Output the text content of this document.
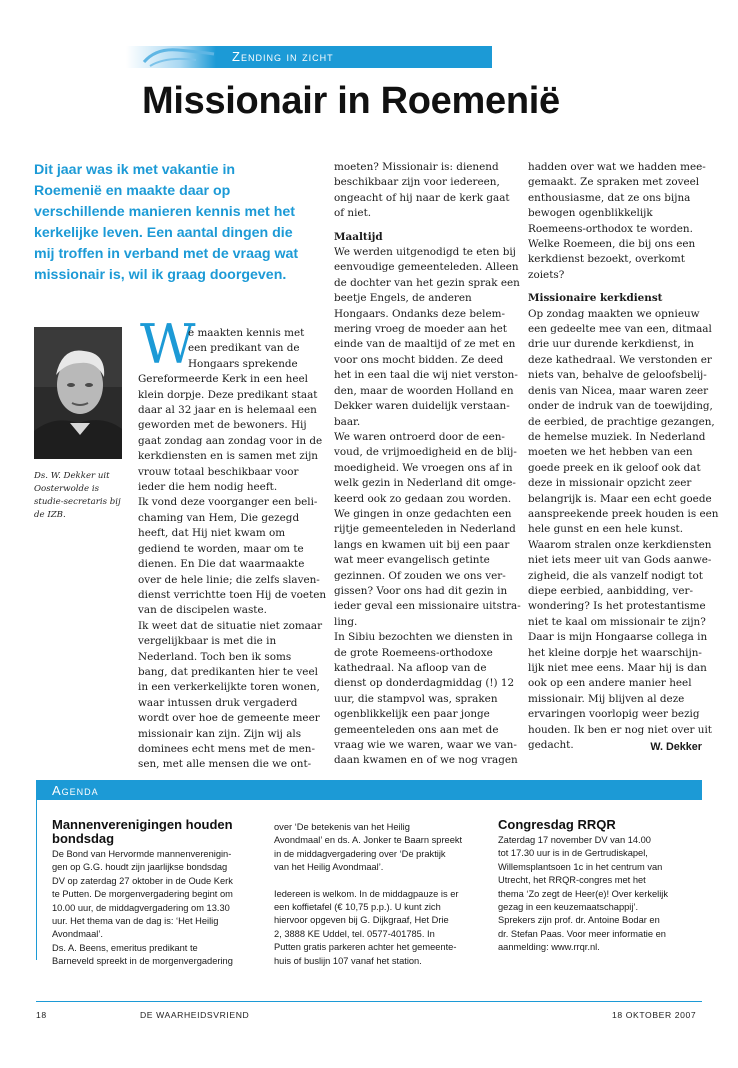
Zending in zicht
Missionair in Roemenië
Dit jaar was ik met vakantie in Roemenië en maakte daar op verschillende manieren kennis met het kerkelijke leven. Een aantal dingen die mij troffen in verband met de vraag wat missionair is, wil ik graag doorgeven.
Ds. W. Dekker uit Oosterwolde is studie-secretaris bij de IZB.
W

e maakten kennis met

een predikant van de

Hongaars sprekende

Gereformeerde Kerk in een heel

klein dorpje. Deze predikant staat

daar al 32 jaar en is helemaal een

geworden met de bewoners. Hij

gaat zondag aan zondag voor in de

kerkdiensten en is samen met zijn

vrouw totaal beschikbaar voor

ieder die hem nodig heeft.

Ik vond deze voorganger een beli-

chaming van Hem, Die gezegd

heeft, dat Hij niet kwam om

gediend te worden, maar om te

dienen. En Die dat waarmaakte

over de hele linie; die zelfs slaven-

dienst verrichtte toen Hij de voeten

van de discipelen waste.

Ik weet dat de situatie niet zomaar

vergelijkbaar is met die in

Nederland. Toch ben ik soms

bang, dat predikanten hier te veel

in een verkerkelijkte toren wonen,

waar intussen druk vergaderd

wordt over hoe de gemeente meer

missionair kan zijn. Zijn wij als

dominees echt mens met de men-

sen, met alle mensen die we ont-

moeten? Missionair is: dienend
beschikbaar zijn voor iedereen,
ongeacht of hij naar de kerk gaat
of niet.

Maaltijd

We werden uitgenodigd te eten bij
eenvoudige gemeenteleden. Alleen
de dochter van het gezin sprak een
beetje Engels, de anderen
Hongaars. Ondanks deze belem-
mering vroeg de moeder aan het
einde van de maaltijd of ze met en
voor ons mocht bidden. Ze deed
het in een taal die wij niet verston-
den, maar de woorden Holland en
Dekker waren duidelijk verstaan-
baar.
We waren ontroerd door de een-
voud, de vrijmoedigheid en de blij-
moedigheid. We vroegen ons af in
welk gezin in Nederland dit omge-
keerd ook zo gedaan zou worden.
We gingen in onze gedachten een
rijtje gemeenteleden in Nederland
langs en kwamen uit bij een paar
wat meer evangelisch getinte
gezinnen. Of zouden we ons ver-
gissen? Voor ons had dit gezin in
ieder geval een missionaire uitstra-
ling.
In Sibiu bezochten we diensten in
de grote Roemeens-orthodoxe
kathedraal. Na afloop van de
dienst op donderdagmiddag (!) 12
uur, die stampvol was, spraken
ogenblikkelijk een paar jonge
gemeenteleden ons aan met de
vraag wie we waren, waar we van-
daan kwamen en of we nog vragen
hadden over wat we hadden mee-
gemaakt. Ze spraken met zoveel
enthousiasme, dat ze ons bijna
bewogen ogenblikkelijk
Roemeens-orthodox te worden.
Welke Roemeen, die bij ons een
kerkdienst bezoekt, overkomt
zoiets?

Missionaire kerkdienst

Op zondag maakten we opnieuw
een gedeelte mee van een, ditmaal
drie uur durende kerkdienst, in
deze kathedraal. We verstonden er
niets van, behalve de geloofsbelij-
denis van Nicea, maar waren zeer
onder de indruk van de toewijding,
de eerbied, de prachtige gezangen,
de hemelse muziek. In Nederland
moeten we het hebben van een
goede preek en ik geloof ook dat
deze in missionair opzicht zeer
belangrijk is. Maar een echt goede
aanspreekende preek houden is een
hele gunst en een hele kunst.
Waarom stralen onze kerkdiensten
niet iets meer uit van Gods aanwe-
zigheid, die als vanzelf nodigt tot
diepe eerbied, aanbidding, ver-
wondering? Is het protestantisme
niet te kaal om missionair te zijn?
Daar is mijn Hongaarse collega in
het kleine dorpje het waarschijn-
lijk niet mee eens. Maar hij is dan
ook op een andere manier heel
missionair. Mij blijven al deze
ervaringen voorlopig weer bezig
houden. Ik ben er nog niet over uit
gedacht.	W. Dekker
Agenda
Mannenverenigingen houden
bondsdag
De Bond van Hervormde mannenverenigin-
gen op G.G. houdt zijn jaarlijkse bondsdag
DV op zaterdag 27 oktober in de Oude Kerk
te Putten. De morgenvergadering begint om
10.00 uur, de middagvergadering om 13.30
uur. Het thema van de dag is: ‘Het Heilig
Avondmaal’.
Ds. A. Beens, emeritus predikant te
Barneveld spreekt in de morgenvergadering
over ‘De betekenis van het Heilig
Avondmaal’ en ds. A. Jonker te Baarn spreekt
in de middagvergadering over ‘De praktijk
van het Heilig Avondmaal’.
Iedereen is welkom. In de middagpauze is er
een koffietafel (€ 10,75 p.p.). U kunt zich
hiervoor opgeven bij G. Dijkgraaf, Het Drie
2, 3888 KE Uddel, tel. 0577-401785. In
Putten gratis parkeren achter het gemeente-
huis of buslijn 107 vanaf het station.
Congresdag RRQR
Zaterdag 17 november DV van 14.00
tot 17.30 uur is in de Gertrudiskapel,
Willemsplantsoen 1c in het centrum van
Utrecht, het RRQR-congres met het
thema ‘Zo zegt de Heer(e)! Over kerkelijk
gezag in een keuzemaatschappij’.
Sprekers zijn prof. dr. Antoine Bodar en
dr. Stefan Paas. Voor meer informatie en
aanmelding: www.rrqr.nl.
18	DE WAARHEIDSVRIEND	18 OKTOBER 2007
